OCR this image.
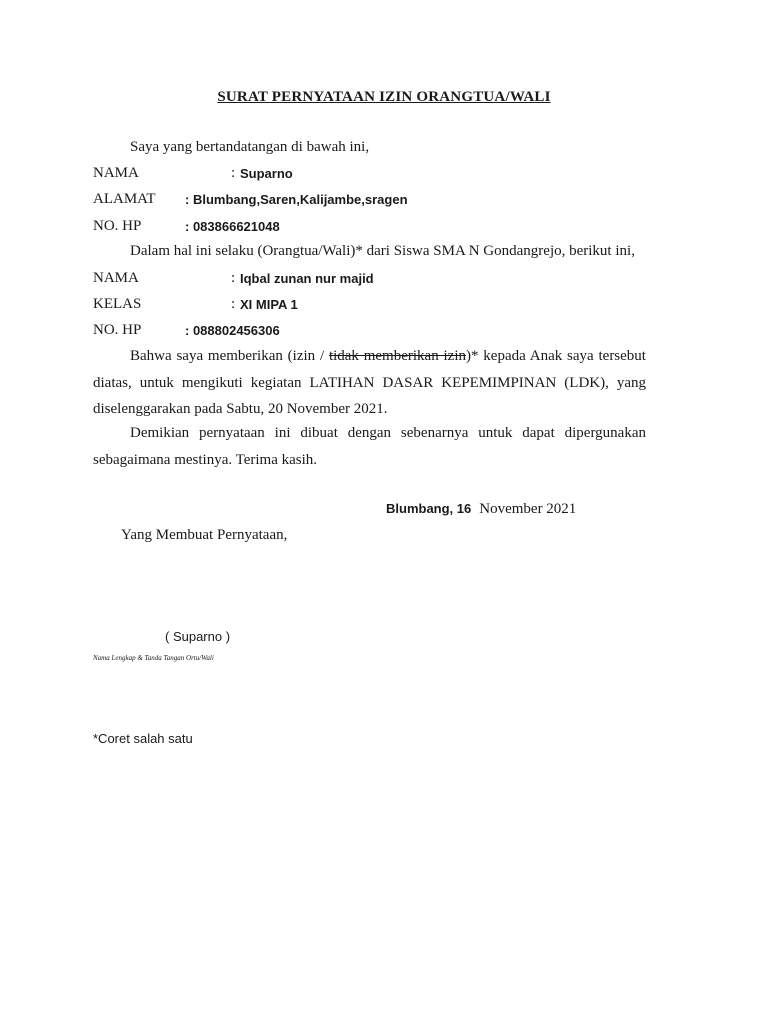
SURAT PERNYATAAN IZIN ORANGTUA/WALI
Saya yang bertandatangan di bawah ini,
NAMA	: Suparno
ALAMAT : Blumbang,Saren,Kalijambe,sragen
NO. HP	: 083866621048
Dalam hal ini selaku (Orangtua/Wali)* dari Siswa SMA N Gondangrejo, berikut ini,
NAMA	: Iqbal zunan nur majid
KELAS	: XI MIPA 1
NO. HP	: 088802456306
Bahwa saya memberikan (izin / tidak memberikan izin)* kepada Anak saya tersebut diatas, untuk mengikuti kegiatan LATIHAN DASAR KEPEMIMPINAN (LDK), yang diselenggarakan pada Sabtu, 20 November 2021.
Demikian pernyataan ini dibuat dengan sebenarnya untuk dapat dipergunakan sebagaimana mestinya. Terima kasih.
Blumbang, 16 November 2021
Yang Membuat Pernyataan,
( Suparno )
Nama Lengkap & Tanda Tangan Ortu/Wali
*Coret salah satu
